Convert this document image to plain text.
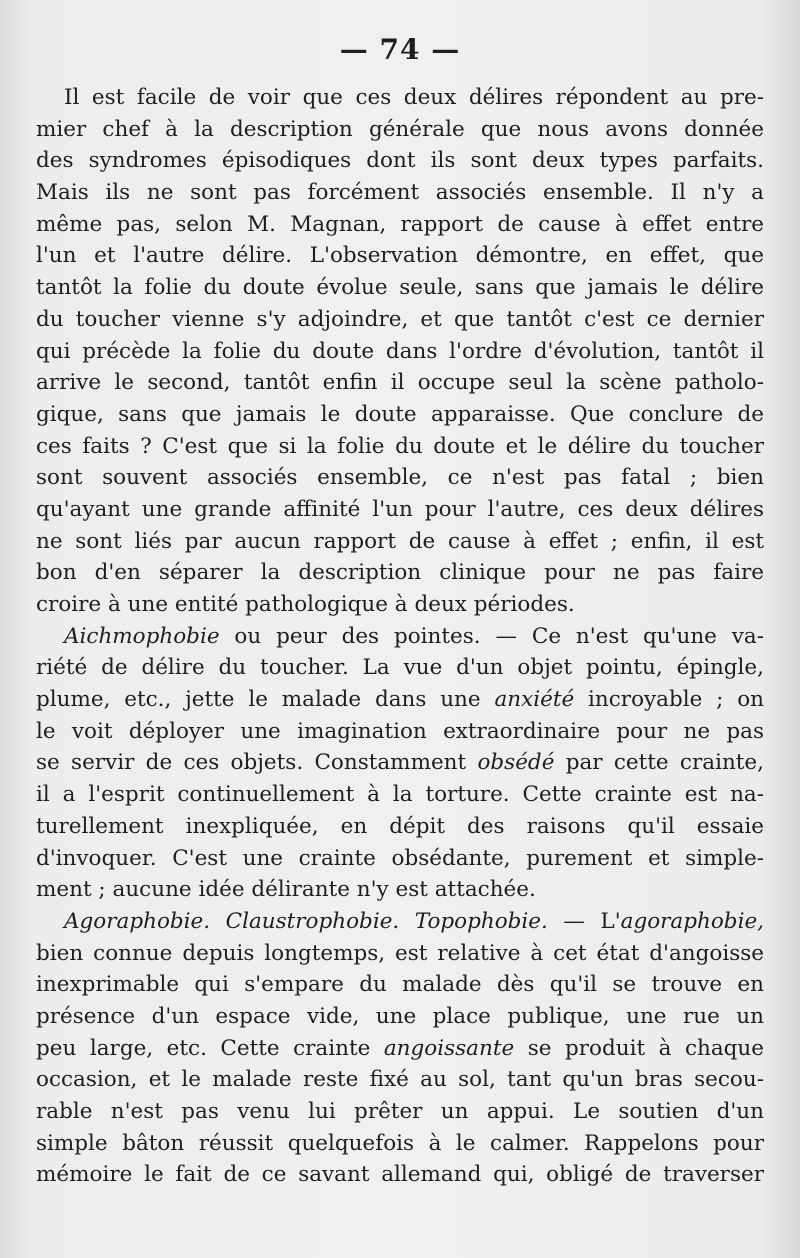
— 74 —
Il est facile de voir que ces deux délires répondent au pre-
mier chef à la description générale que nous avons donnée
des syndromes épisodiques dont ils sont deux types parfaits.
Mais ils ne sont pas forcément associés ensemble. Il n'y a
même pas, selon M. Magnan, rapport de cause à effet entre
l'un et l'autre délire. L'observation démontre, en effet, que
tantôt la folie du doute évolue seule, sans que jamais le délire
du toucher vienne s'y adjoindre, et que tantôt c'est ce dernier
qui précède la folie du doute dans l'ordre d'évolution, tantôt il
arrive le second, tantôt enfin il occupe seul la scène patholo-
gique, sans que jamais le doute apparaisse. Que conclure de
ces faits ? C'est que si la folie du doute et le délire du toucher
sont souvent associés ensemble, ce n'est pas fatal ; bien
qu'ayant une grande affinité l'un pour l'autre, ces deux délires
ne sont liés par aucun rapport de cause à effet ; enfin, il est
bon d'en séparer la description clinique pour ne pas faire
croire à une entité pathologique à deux périodes.
Aichmophobie ou peur des pointes. — Ce n'est qu'une va-
riété de délire du toucher. La vue d'un objet pointu, épingle,
plume, etc., jette le malade dans une anxiété incroyable ; on
le voit déployer une imagination extraordinaire pour ne pas
se servir de ces objets. Constamment obsédé par cette crainte,
il a l'esprit continuellement à la torture. Cette crainte est na-
turellement inexpliquée, en dépit des raisons qu'il essaie
d'invoquer. C'est une crainte obsédante, purement et simple-
ment ; aucune idée délirante n'y est attachée.
Agoraphobie. Claustrophobie. Topophobie. — L'agoraphobie,
bien connue depuis longtemps, est relative à cet état d'angoisse
inexprimable qui s'empare du malade dès qu'il se trouve en
présence d'un espace vide, une place publique, une rue un
peu large, etc. Cette crainte angoissante se produit à chaque
occasion, et le malade reste fixé au sol, tant qu'un bras secou-
rable n'est pas venu lui prêter un appui. Le soutien d'un
simple bâton réussit quelquefois à le calmer. Rappelons pour
mémoire le fait de ce savant allemand qui, obligé de traverser
